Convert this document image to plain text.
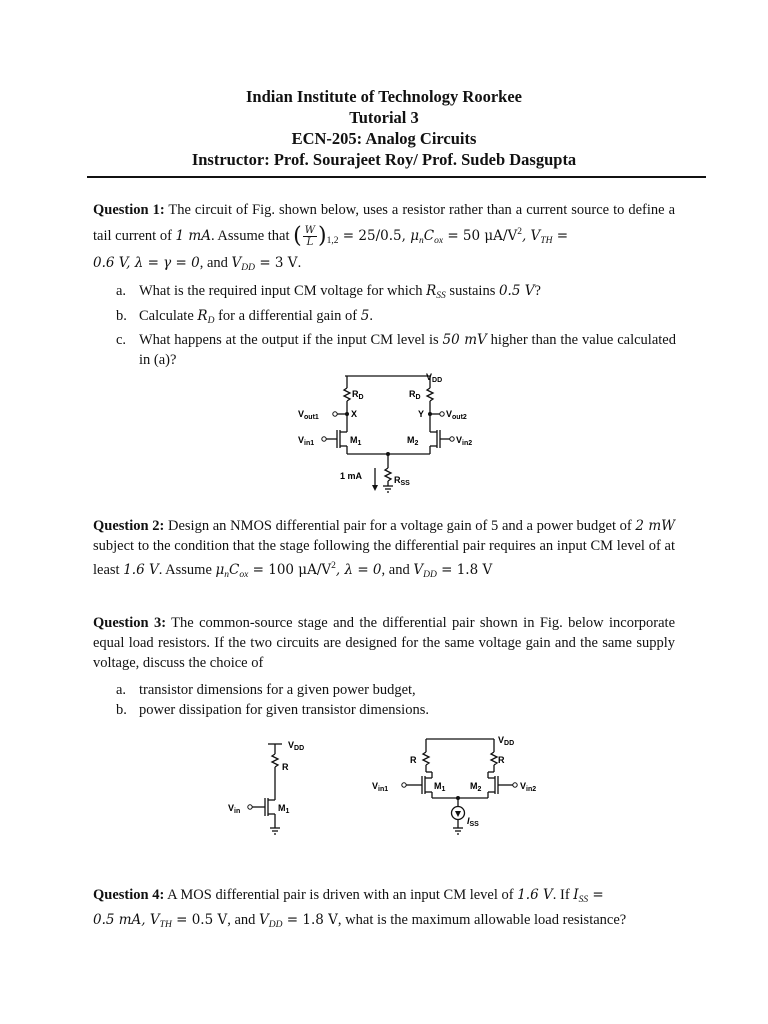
Indian Institute of Technology Roorkee
Tutorial 3
ECN-205: Analog Circuits
Instructor: Prof. Sourajeet Roy/ Prof. Sudeb Dasgupta
Question 1: The circuit of Fig. shown below, uses a resistor rather than a current source to define a tail current of 1 mA. Assume that ( $\frac{W}{L} )_{1,2} = 25/0.5$, $\mu_nC_{ox} = 50$ $\mu A/V^2$, $V_{TH}$ =
0.6 V, λ = γ = 0, and $V_{DD} = 3$ V.
a. What is the required input CM voltage for which $R_{SS}$ sustains 0.5 V?
b. Calculate $R_D$ for a differential gain of 5.
c. What happens at the output if the input CM level is 50 mV higher than the value calculated in (a)?
$V_{DD}$
$R_D$	$R_D$
$V_{out1}$	$V_{out2}$
X	Y
$V_{in1}$	$V_{in2}$
$M_1$	$M_2$
1 mA	$R_{SS}$
Question 2: Design an NMOS differential pair for a voltage gain of 5 and a power budget of 2 mW subject to the condition that the stage following the differential pair requires an input CM level of at least 1.6 V. Assume $\mu_nC_{ox} = 100$ $\mu A/V^2$, λ = 0, and $V_{DD} = 1.8$ V
Question 3: The common-source stage and the differential pair shown in Fig. below incorporate equal load resistors. If the two circuits are designed for the same voltage gain and the same supply voltage, discuss the choice of
a. transistor dimensions for a given power budget,
b. power dissipation for given transistor dimensions.
$V_{DD}$
R
$V_{in}$	$M_1$
$V_{DD}$
R	R
$V_{in1}$	$V_{in2}$
$M_1$	$M_2$
$I_{SS}$
Question 4: A MOS differential pair is driven with an input CM level of 1.6 V. If $I_{SS}$ =
0.5 mA, $V_{TH} = 0.5$ V, and $V_{DD} = 1.8$ V, what is the maximum allowable load resistance?
